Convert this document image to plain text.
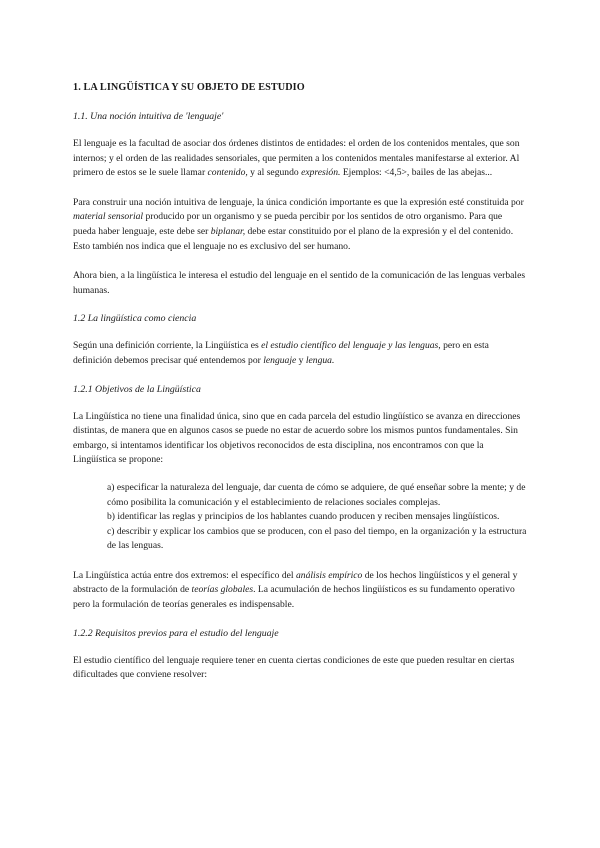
1. LA LINGÜÍSTICA Y SU OBJETO DE ESTUDIO
1.1. Una noción intuitiva de 'lenguaje'

El lenguaje es la facultad de asociar dos órdenes distintos de entidades: el orden de los contenidos mentales, que son internos; y el orden de las realidades sensoriales, que permiten a los contenidos mentales manifestarse al exterior. Al primero de estos se le suele llamar contenido, y al segundo expresión. Ejemplos: <4,5>, bailes de las abejas...

Para construir una noción intuitiva de lenguaje, la única condición importante es que la expresión esté constituida por material sensorial producido por un organismo y se pueda percibir por los sentidos de otro organismo. Para que pueda haber lenguaje, este debe ser biplanar, debe estar constituido por el plano de la expresión y el del contenido. Esto también nos indica que el lenguaje no es exclusivo del ser humano.

Ahora bien, a la lingüística le interesa el estudio del lenguaje en el sentido de la comunicación de las lenguas verbales humanas.

1.2 La lingüística como ciencia

Según una definición corriente, la Lingüística es el estudio científico del lenguaje y las lenguas, pero en esta definición debemos precisar qué entendemos por lenguaje y lengua.

1.2.1 Objetivos de la Lingüística

La Lingüística no tiene una finalidad única, sino que en cada parcela del estudio lingüístico se avanza en direcciones distintas, de manera que en algunos casos se puede no estar de acuerdo sobre los mismos puntos fundamentales. Sin embargo, si intentamos identificar los objetivos reconocidos de esta disciplina, nos encontramos con que la Lingüística se propone:

a) especificar la naturaleza del lenguaje, dar cuenta de cómo se adquiere, de qué enseñar sobre la mente; y de cómo posibilita la comunicación y el establecimiento de relaciones sociales complejas.
b) identificar las reglas y principios de los hablantes cuando producen y reciben mensajes lingüísticos.
c) describir y explicar los cambios que se producen, con el paso del tiempo, en la organización y la estructura de las lenguas.

La Lingüística actúa entre dos extremos: el específico del análisis empírico de los hechos lingüísticos y el general y abstracto de la formulación de teorías globales. La acumulación de hechos lingüísticos es su fundamento operativo pero la formulación de teorías generales es indispensable.

1.2.2 Requisitos previos para el estudio del lenguaje

El estudio científico del lenguaje requiere tener en cuenta ciertas condiciones de este que pueden resultar en ciertas dificultades que conviene resolver:
